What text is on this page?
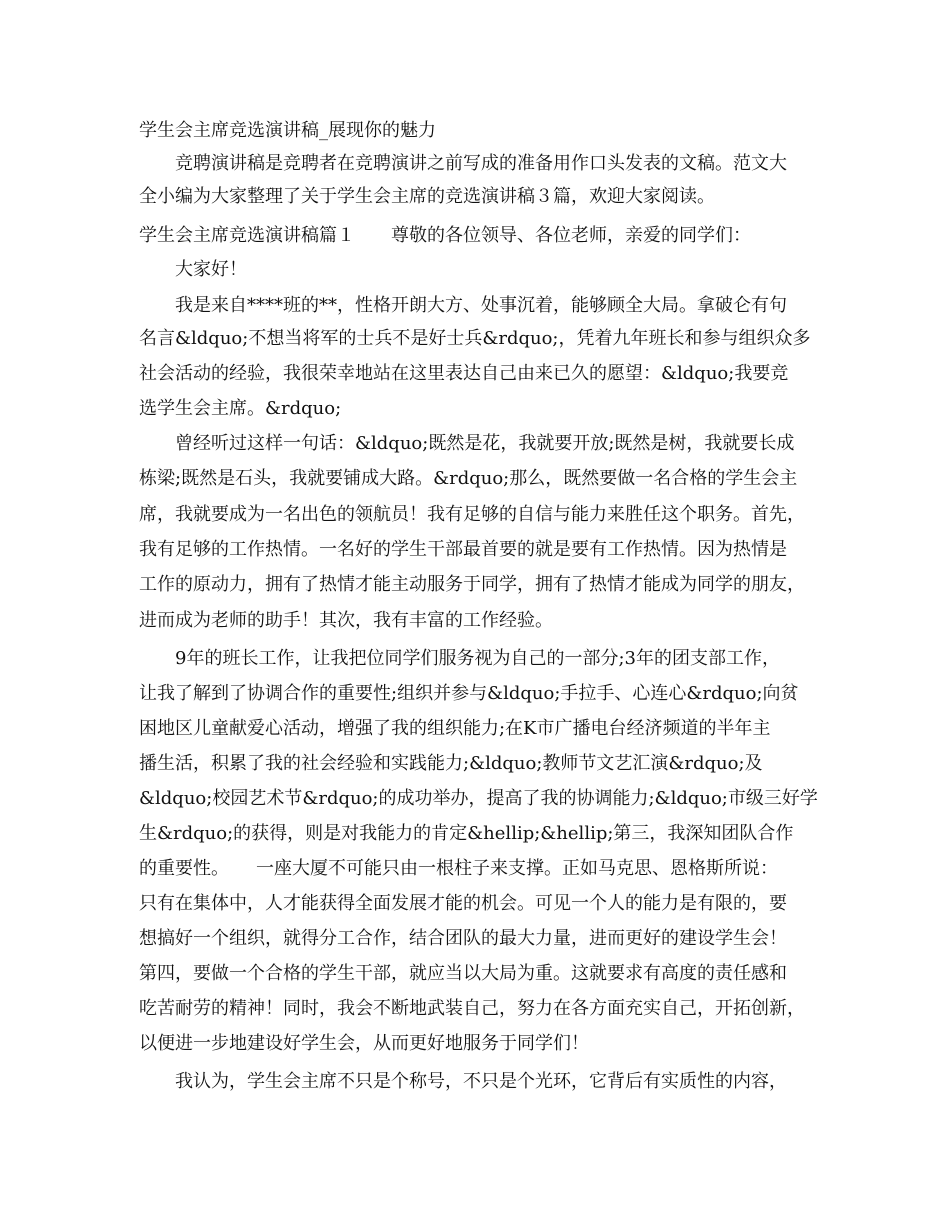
学生会主席竞选演讲稿_展现你的魅力
竞聘演讲稿是竞聘者在竞聘演讲之前写成的准备用作口头发表的文稿。范文大
全小编为大家整理了关于学生会主席的竞选演讲稿３篇，欢迎大家阅读。
学生会主席竞选演讲稿篇１　　尊敬的各位领导、各位老师，亲爱的同学们：
大家好！
我是来自****班的**，性格开朗大方、处事沉着，能够顾全大局。拿破仑有句
名言&ldquo;不想当将军的士兵不是好士兵&rdquo;，凭着九年班长和参与组织众多
社会活动的经验，我很荣幸地站在这里表达自己由来已久的愿望：&ldquo;我要竞
选学生会主席。&rdquo;
曾经听过这样一句话：&ldquo;既然是花，我就要开放;既然是树，我就要长成
栋梁;既然是石头，我就要铺成大路。&rdquo;那么，既然要做一名合格的学生会主
席，我就要成为一名出色的领航员！我有足够的自信与能力来胜任这个职务。首先，
我有足够的工作热情。一名好的学生干部最首要的就是要有工作热情。因为热情是
工作的原动力，拥有了热情才能主动服务于同学，拥有了热情才能成为同学的朋友，
进而成为老师的助手！其次，我有丰富的工作经验。
9年的班长工作，让我把位同学们服务视为自己的一部分;3年的团支部工作，
让我了解到了协调合作的重要性;组织并参与&ldquo;手拉手、心连心&rdquo;向贫
困地区儿童献爱心活动，增强了我的组织能力;在K市广播电台经济频道的半年主
播生活，积累了我的社会经验和实践能力;&ldquo;教师节文艺汇演&rdquo;及
&ldquo;校园艺术节&rdquo;的成功举办，提高了我的协调能力;&ldquo;市级三好学
生&rdquo;的获得，则是对我能力的肯定&hellip;&hellip;第三，我深知团队合作
的重要性。　　一座大厦不可能只由一根柱子来支撑。正如马克思、恩格斯所说：
只有在集体中，人才能获得全面发展才能的机会。可见一个人的能力是有限的，要
想搞好一个组织，就得分工合作，结合团队的最大力量，进而更好的建设学生会！
第四，要做一个合格的学生干部，就应当以大局为重。这就要求有高度的责任感和
吃苦耐劳的精神！同时，我会不断地武装自己，努力在各方面充实自己，开拓创新，
以便进一步地建设好学生会，从而更好地服务于同学们！
我认为，学生会主席不只是个称号，不只是个光环，它背后有实质性的内容，
